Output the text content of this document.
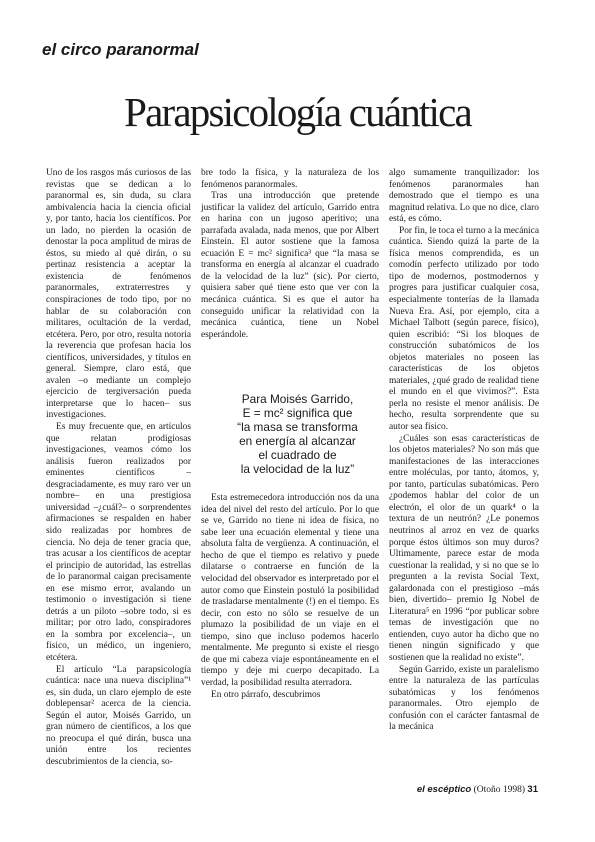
el circo paranormal
Parapsicología cuántica

Uno de los rasgos más curiosos de las revistas que se dedican a lo paranormal es, sin duda, su clara ambivalencia hacia la ciencia oficial y, por tanto, hacia los científicos. Por un lado, no pierden la ocasión de denostar la poca amplitud de miras de éstos, su miedo al qué dirán, o su pertinaz resistencia a aceptar la existencia de fenómenos paranormales, extraterrestres y conspiraciones de todo tipo, por no hablar de su colaboración con militares, ocultación de la verdad, etcétera. Pero, por otro, resulta notoria la reverencia que profesan hacia los científicos, universidades, y títulos en general. Siempre, claro está, que avalen –o mediante un complejo ejercicio de tergiversación pueda interpretarse que lo hacen– sus investigaciones.

Es muy frecuente que, en artículos que relatan prodigiosas investigaciones, veamos cómo los análisis fueron realizados por eminentes científicos –desgraciadamente, es muy raro ver un nombre– en una prestigiosa universidad –¿cuál?– o sorprendentes afirmaciones se respalden en haber sido realizadas por hombres de ciencia. No deja de tener gracia que, tras acusar a los científicos de aceptar el principio de autoridad, las estrellas de lo paranormal caigan precisamente en ese mismo error, avalando un testimonio o investigación si tiene detrás a un piloto –sobre todo, si es militar; por otro lado, conspiradores en la sombra por excelencia–, un físico, un médico, un ingeniero, etcétera.

El artículo “La parapsicología cuántica: nace una nueva disciplina”¹ es, sin duda, un claro ejemplo de este doblepensar² acerca de la ciencia. Según el autor, Moisés Garrido, un gran número de científicos, a los que no preocupa el qué dirán, busca una unión entre los recientes descubrimientos de la ciencia, so-

bre todo la física, y la naturaleza de los fenómenos paranormales.

Tras una introducción que pretende justificar la validez del artículo, Garrido entra en harina con un jugoso aperitivo; una parrafada avalada, nada menos, que por Albert Einstein. El autor sostiene que la famosa ecuación E = mc² significa³ que “la masa se transforma en energía al alcanzar el cuadrado de la velocidad de la luz” (sic). Por cierto, quisiera saber qué tiene esto que ver con la mecánica cuántica. Si es que el autor ha conseguido unificar la relatividad con la mecánica cuántica, tiene un Nobel esperándole.

Esta estremecedora introducción nos da una idea del nivel del resto del artículo. Por lo que se ve, Garrido no tiene ni idea de física, no sabe leer una ecuación elemental y tiene una absoluta falta de vergüenza. A continuación, el hecho de que el tiempo es relativo y puede dilatarse o contraerse en función de la velocidad del observador es interpretado por el autor como que Einstein postuló la posibilidad de trasladarse mentalmente (!) en el tiempo. Es decir, con esto no sólo se resuelve de un plumazo la posibilidad de un viaje en el tiempo, sino que incluso podemos hacerlo mentalmente. Me pregunto si existe el riesgo de que mi cabeza viaje espontáneamente en el tiempo y deje mi cuerpo decapitado. La verdad, la posibilidad resulta aterradora.

En otro párrafo, descubrimos

Para Moisés Garrido,
E = mc² significa que
“la masa se transforma
en energía al alcanzar
el cuadrado de
la velocidad de la luz”

algo sumamente tranquilizador: los fenómenos paranormales han demostrado que el tiempo es una magnitud relativa. Lo que no dice, claro está, es cómo.

Por fin, le toca el turno a la mecánica cuántica. Siendo quizá la parte de la física menos comprendida, es un comodín perfecto utilizado por todo tipo de modernos, postmodernos y progres para justificar cualquier cosa, especialmente tonterías de la llamada Nueva Era. Así, por ejemplo, cita a Michael Talbott (según parece, físico), quien escribió: “Si los bloques de construcción subatómicos de los objetos materiales no poseen las características de los objetos materiales, ¿qué grado de realidad tiene el mundo en el que vivimos?”. Esta perla no resiste el menor análisis. De hecho, resulta sorprendente que su autor sea físico.

¿Cuáles son esas características de los objetos materiales? No son más que manifestaciones de las interacciones entre moléculas, por tanto, átomos, y, por tanto, partículas subatómicas. Pero ¿podemos hablar del color de un electrón, el olor de un quark⁴ o la textura de un neutrón? ¿Le ponemos neutrinos al arroz en vez de quarks porque éstos últimos son muy duros? Ultimamente, parece estar de moda cuestionar la realidad, y si no que se lo pregunten a la revista Social Text, galardonada con el prestigioso –más bien, divertido– premio Ig Nobel de Literatura⁵ en 1996 “por publicar sobre temas de investigación que no entienden, cuyo autor ha dicho que no tienen ningún significado y que sostienen que la realidad no existe”.

Según Garrido, existe un paralelismo entre la naturaleza de las partículas subatómicas y los fenómenos paranormales. Otro ejemplo de confusión con el carácter fantasmal de la mecánica

el escéptico (Otoño 1998) 31
